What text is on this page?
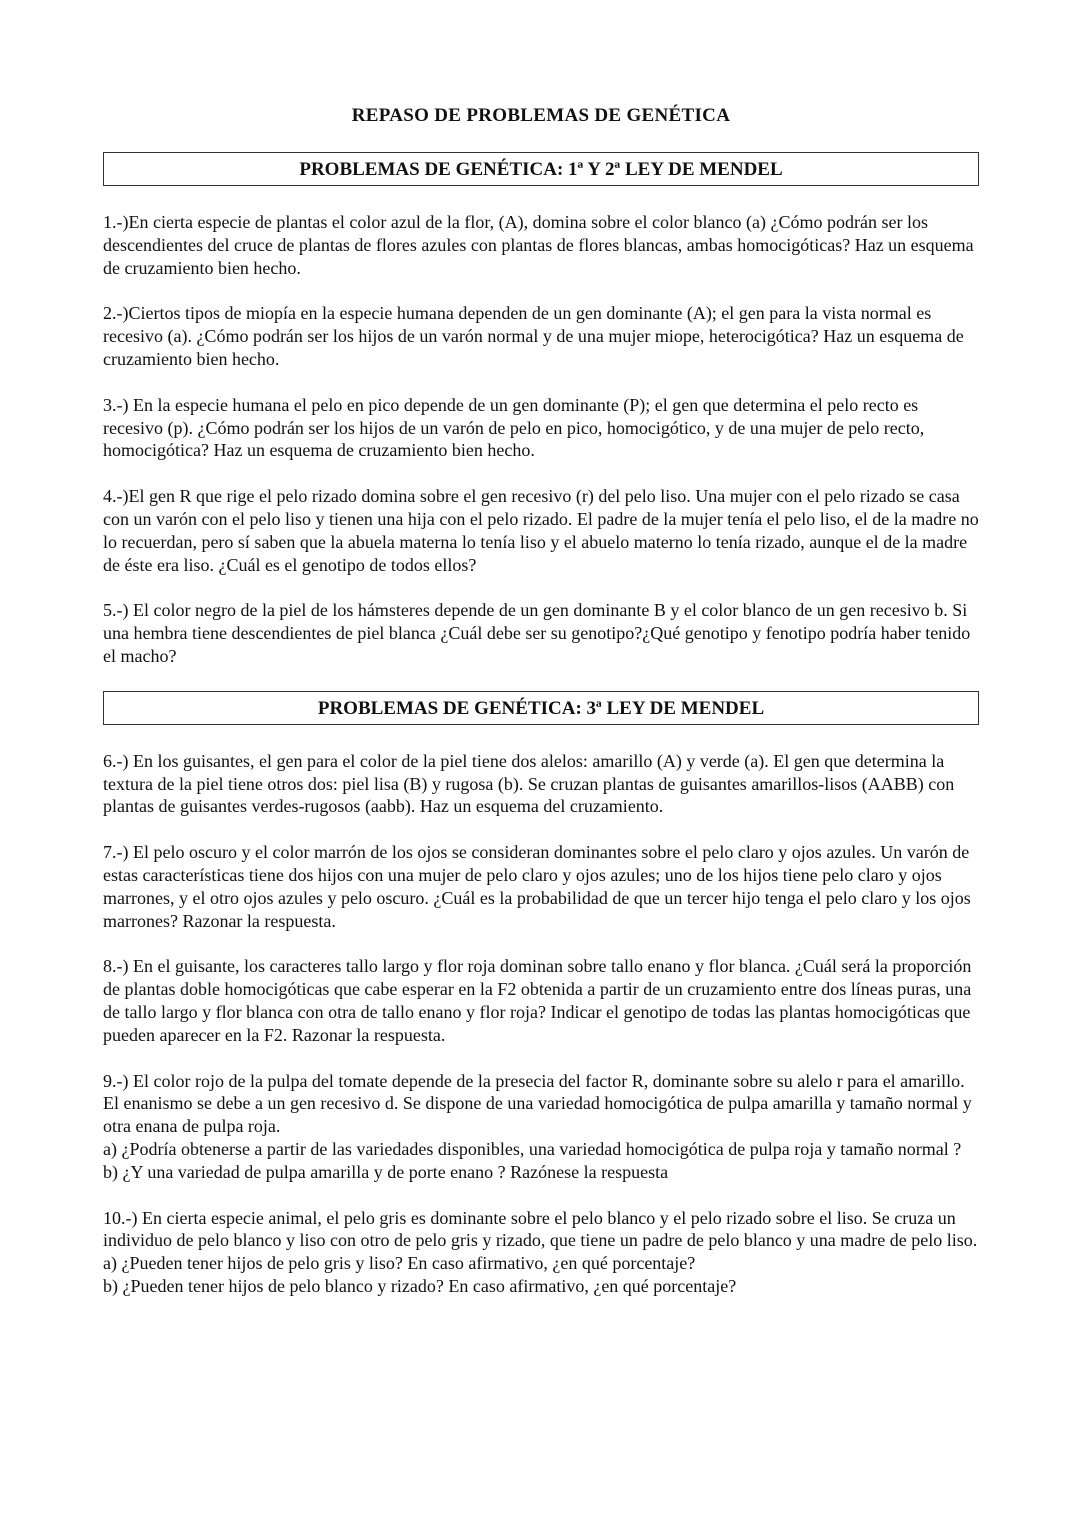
REPASO DE PROBLEMAS DE GENÉTICA
PROBLEMAS DE GENÉTICA: 1ª Y 2ª LEY DE MENDEL
1.-)En cierta especie de plantas el color azul de la flor, (A), domina sobre el color blanco (a) ¿Cómo podrán ser los descendientes del cruce de plantas de flores azules con plantas de flores blancas, ambas homocigóticas? Haz un esquema de cruzamiento bien hecho.
2.-)Ciertos tipos de miopía en la especie humana dependen de un gen dominante (A); el gen para la vista normal es recesivo (a). ¿Cómo podrán ser los hijos de un varón normal y de una mujer miope, heterocigótica? Haz un esquema de cruzamiento bien hecho.
3.-) En la especie humana el pelo en pico depende de un gen dominante (P); el gen que determina el pelo recto es recesivo (p). ¿Cómo podrán ser los hijos de un varón de pelo en pico, homocigótico, y de una mujer de pelo recto, homocigótica? Haz un esquema de cruzamiento bien hecho.
4.-)El gen R que rige el pelo rizado domina sobre el gen recesivo (r) del pelo liso. Una mujer con el pelo rizado se casa con un varón con el pelo liso y tienen una hija con el pelo rizado. El padre de la mujer tenía el pelo liso, el de la madre no lo recuerdan, pero sí saben que la abuela materna lo tenía liso y el abuelo materno lo tenía rizado, aunque el de la madre de éste era liso. ¿Cuál es el genotipo de todos ellos?
5.-) El color negro de la piel de los hámsteres depende de un gen dominante B y el color blanco de un gen recesivo b. Si una hembra tiene descendientes de piel blanca ¿Cuál debe ser su genotipo?¿Qué genotipo y fenotipo podría haber tenido el macho?
PROBLEMAS DE GENÉTICA: 3ª LEY DE MENDEL
6.-) En los guisantes, el gen para el color de la piel tiene dos alelos: amarillo (A) y verde (a). El gen que determina la textura de la piel tiene otros dos: piel lisa (B) y rugosa (b). Se cruzan plantas de guisantes amarillos-lisos (AABB) con plantas de guisantes verdes-rugosos (aabb). Haz un esquema del cruzamiento.
7.-) El pelo oscuro y el color marrón de los ojos se consideran dominantes sobre el pelo claro y ojos azules. Un varón de estas características tiene dos hijos con una mujer de pelo claro y ojos azules; uno de los hijos tiene pelo claro y ojos marrones, y el otro ojos azules y pelo oscuro. ¿Cuál es la probabilidad de que un tercer hijo tenga el pelo claro y los ojos marrones? Razonar la respuesta.
8.-) En el guisante, los caracteres tallo largo y flor roja dominan sobre tallo enano y flor blanca. ¿Cuál será la proporción de plantas doble homocigóticas que cabe esperar en la F2 obtenida a partir de un cruzamiento entre dos líneas puras, una de tallo largo y flor blanca con otra de tallo enano y flor roja? Indicar el genotipo de todas las plantas homocigóticas que pueden aparecer en la F2. Razonar la respuesta.
9.-) El color rojo de la pulpa del tomate depende de la presecia del factor R, dominante sobre su alelo r para el amarillo. El enanismo se debe a un gen recesivo d. Se dispone de una variedad homocigótica de pulpa amarilla y tamaño normal y otra enana de pulpa roja.
a) ¿Podría obtenerse a partir de las variedades disponibles, una variedad homocigótica de pulpa roja y tamaño normal ?
b) ¿Y una variedad de pulpa amarilla y de porte enano ? Razónese la respuesta
10.-) En cierta especie animal, el pelo gris es dominante sobre el pelo blanco y el pelo rizado sobre el liso. Se cruza un individuo de pelo blanco y liso con otro de pelo gris y rizado, que tiene un padre de pelo blanco y una madre de pelo liso.
a) ¿Pueden tener hijos de pelo gris y liso? En caso afirmativo, ¿en qué porcentaje?
b) ¿Pueden tener hijos de pelo blanco y rizado? En caso afirmativo, ¿en qué porcentaje?
